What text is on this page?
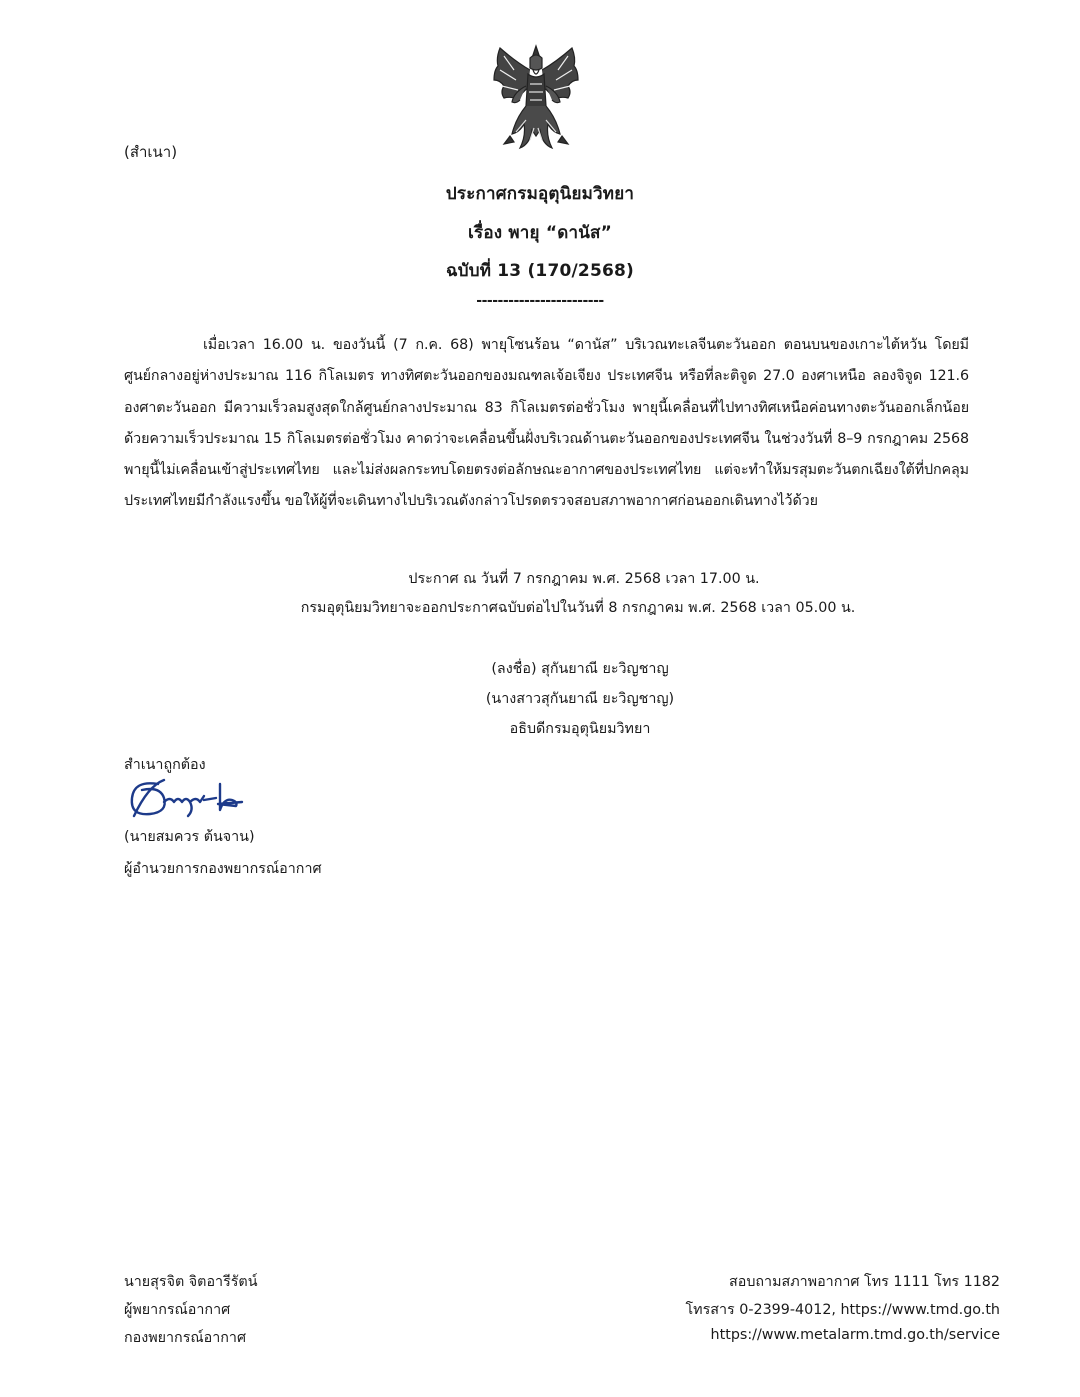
(สำเนา)
ประกาศกรมอุตุนิยมวิทยา
เรื่อง พายุ “ดานัส”
ฉบับที่ 13 (170/2568)
------------------------
เมื่อเวลา 16.00 น. ของวันนี้ (7 ก.ค. 68) พายุโซนร้อน “ดานัส” บริเวณทะเลจีนตะวันออก ตอนบนของเกาะไต้หวัน โดยมีศูนย์กลางอยู่ห่างประมาณ 116 กิโลเมตร ทางทิศตะวันออกของมณฑลเจ้อเจียง ประเทศจีน หรือที่ละติจูด 27.0 องศาเหนือ ลองจิจูด 121.6 องศาตะวันออก มีความเร็วลมสูงสุดใกล้ศูนย์กลางประมาณ 83 กิโลเมตรต่อชั่วโมง พายุนี้เคลื่อนที่ไปทางทิศเหนือค่อนทางตะวันออกเล็กน้อย ด้วยความเร็วประมาณ 15 กิโลเมตรต่อชั่วโมง คาดว่าจะเคลื่อนขึ้นฝั่งบริเวณด้านตะวันออกของประเทศจีน ในช่วงวันที่ 8–9 กรกฎาคม 2568 พายุนี้ไม่เคลื่อนเข้าสู่ประเทศไทย และไม่ส่งผลกระทบโดยตรงต่อลักษณะอากาศของประเทศไทย แต่จะทำให้มรสุมตะวันตกเฉียงใต้ที่ปกคลุมประเทศไทยมีกำลังแรงขึ้น ขอให้ผู้ที่จะเดินทางไปบริเวณดังกล่าวโปรดตรวจสอบสภาพอากาศก่อนออกเดินทางไว้ด้วย
ประกาศ ณ วันที่ 7 กรกฎาคม พ.ศ. 2568 เวลา 17.00 น.
กรมอุตุนิยมวิทยาจะออกประกาศฉบับต่อไปในวันที่ 8 กรกฎาคม พ.ศ. 2568 เวลา 05.00 น.
(ลงชื่อ) สุกันยาณี ยะวิญชาญ
(นางสาวสุกันยาณี ยะวิญชาญ)
อธิบดีกรมอุตุนิยมวิทยา
สำเนาถูกต้อง
(นายสมควร ต้นจาน)
ผู้อำนวยการกองพยากรณ์อากาศ
นายสุรจิต จิตอารีรัตน์
ผู้พยากรณ์อากาศ
กองพยากรณ์อากาศ
สอบถามสภาพอากาศ โทร 1111 โทร 1182
โทรสาร 0-2399-4012, https://www.tmd.go.th
https://www.metalarm.tmd.go.th/service
